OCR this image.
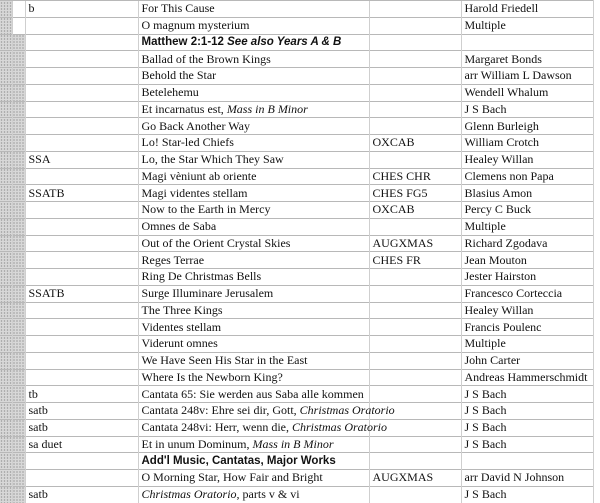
		b	For This Cause		Harold Friedell
			O magnum mysterium		Multiple
			Matthew 2:1-12 See also Years A & B		
			Ballad of the Brown Kings		Margaret Bonds
			Behold the Star		arr William L Dawson
			Betelehemu		Wendell Whalum
			Et incarnatus est, Mass in B Minor		J S Bach
			Go Back Another Way		Glenn Burleigh
			Lo! Star-led Chiefs	OXCAB	William Crotch
		SSA	Lo, the Star Which They Saw		Healey Willan
			Magi vèniunt ab oriente	CHES CHR	Clemens non Papa
		SSATB	Magi videntes stellam	CHES FG5	Blasius Amon
			Now to the Earth in Mercy	OXCAB	Percy C Buck
			Omnes de Saba		Multiple
			Out of the Orient Crystal Skies	AUGXMAS	Richard Zgodava
			Reges Terrae	CHES FR	Jean Mouton
			Ring De Christmas Bells		Jester Hairston
		SSATB	Surge Illuminare Jerusalem		Francesco Corteccia
			The Three Kings		Healey Willan
			Videntes stellam		Francis Poulenc
			Viderunt omnes		Multiple
			We Have Seen His Star in the East		John Carter
			Where Is the Newborn King?		Andreas Hammerschmidt
		tb	Cantata 65: Sie werden aus Saba alle kommen		J S Bach
		satb	Cantata 248v: Ehre sei dir, Gott, Christmas Oratorio		J S Bach
		satb	Cantata 248vi: Herr, wenn die, Christmas Oratorio		J S Bach
		sa duet	Et in unum Dominum, Mass in B Minor		J S Bach
			Add'l Music, Cantatas, Major Works		
			O Morning Star, How Fair and Bright	AUGXMAS	arr David N Johnson
		satb	Christmas Oratorio, parts v & vi		J S Bach
